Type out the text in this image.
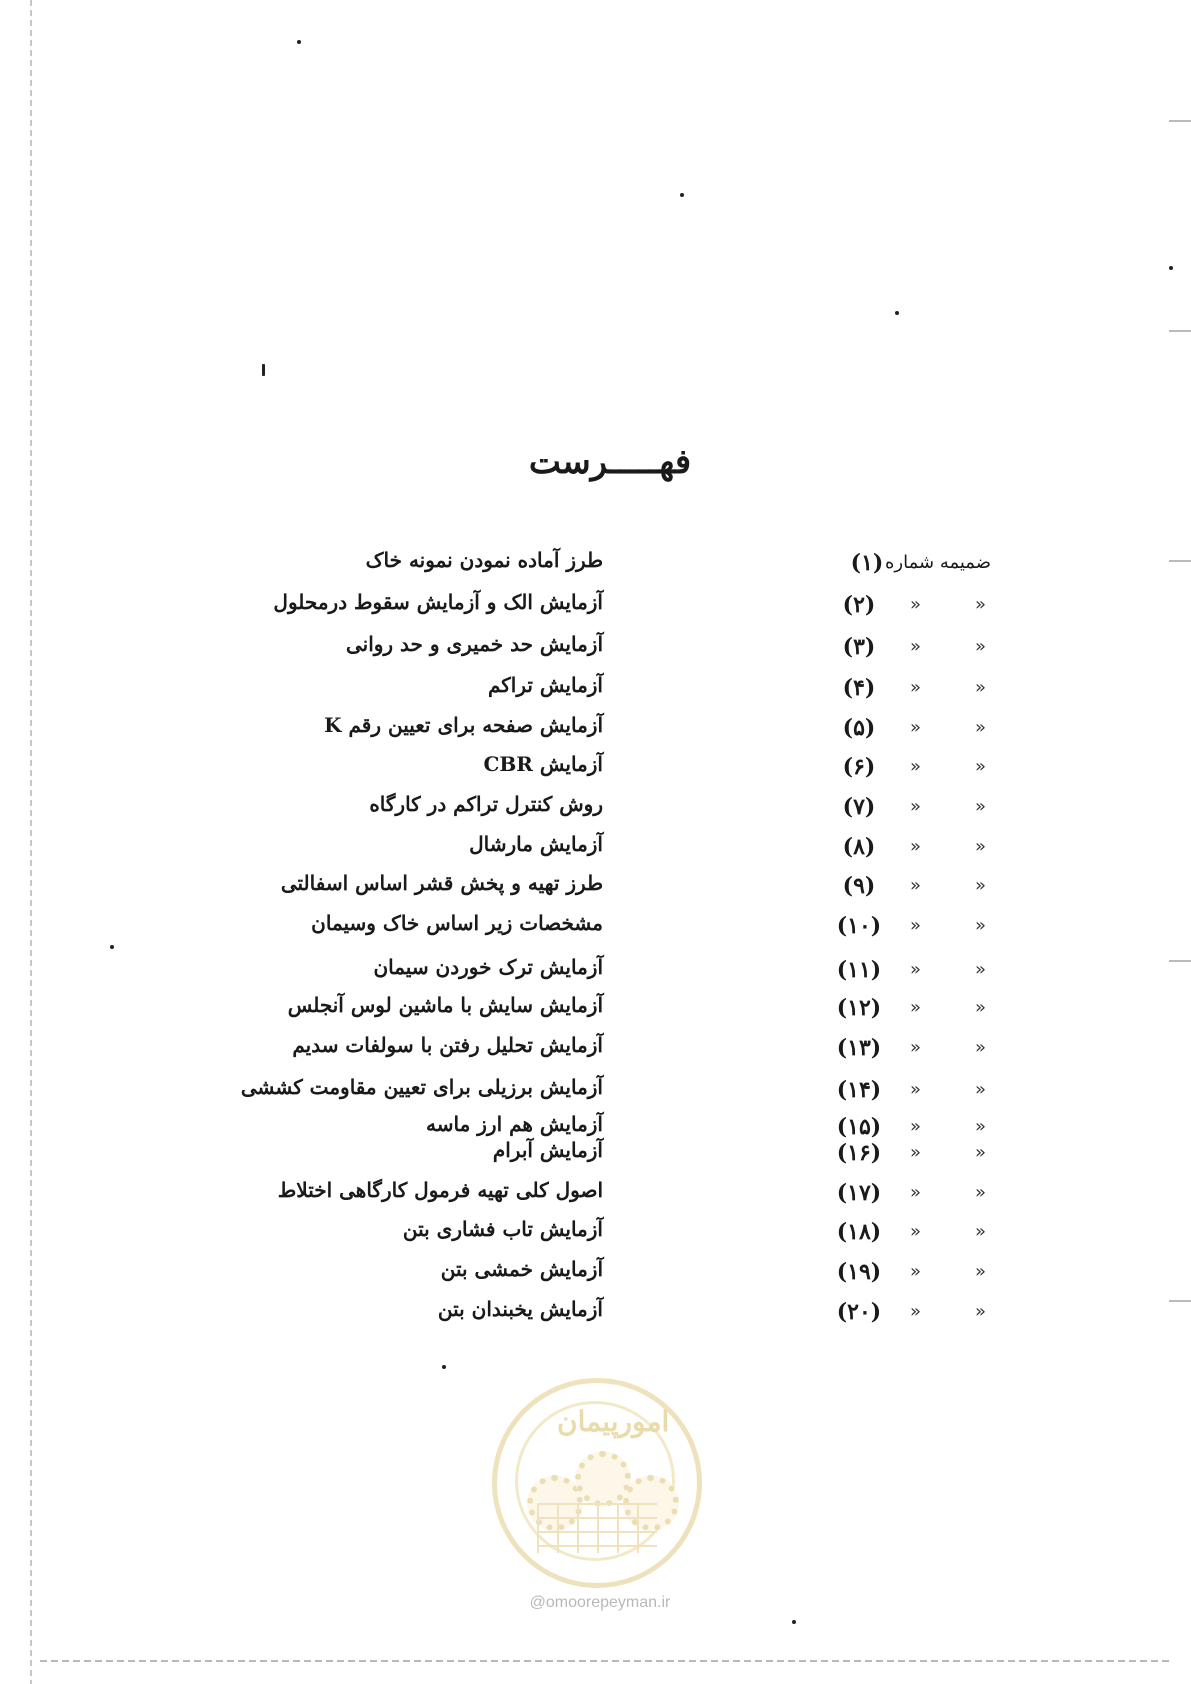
فهـــــرست
طرز آماده نمودن نمونه خاک	(۱) ضمیمه شماره
آزمایش الک و آزمایش سقوط درمحلول	(۲)	»	»
آزمایش حد خمیری و حد روانی	(۳)	»	»
آزمایش تراکم	(۴)	»	»
آزمایش صفحه برای تعیین رقم K	(۵)	»	»
آزمایش CBR	(۶)	»	»
روش کنترل تراکم در کارگاه	(۷)	»	»
آزمایش مارشال	(۸)	»	»
طرز تهیه و پخش قشر اساس اسفالتی	(۹)	»	»
مشخصات زیر اساس خاک وسیمان	(۱۰) »	»
آزمایش ترک خوردن سیمان	(۱۱) »	»
آزمایش سایش با ماشین لوس آنجلس	(۱۲) »	»
آزمایش تحلیل رفتن با سولفات سدیم	(۱۳) »	»
آزمایش برزیلی برای تعیین مقاومت کششی	(۱۴) »	»
آزمایش هم ارز ماسه	(۱۵) »	»
آزمایش آبرام	(۱۶) »	»
اصول کلی تهیه فرمول کارگاهی اختلاط	(۱۷) »	»
آزمایش تاب فشاری بتن	(۱۸) »	»
آزمایش خمشی بتن	(۱۹) »	»
آزمایش یخبندان بتن	(۲۰) »	»
امورپیمان
@omoorepeyman.ir
